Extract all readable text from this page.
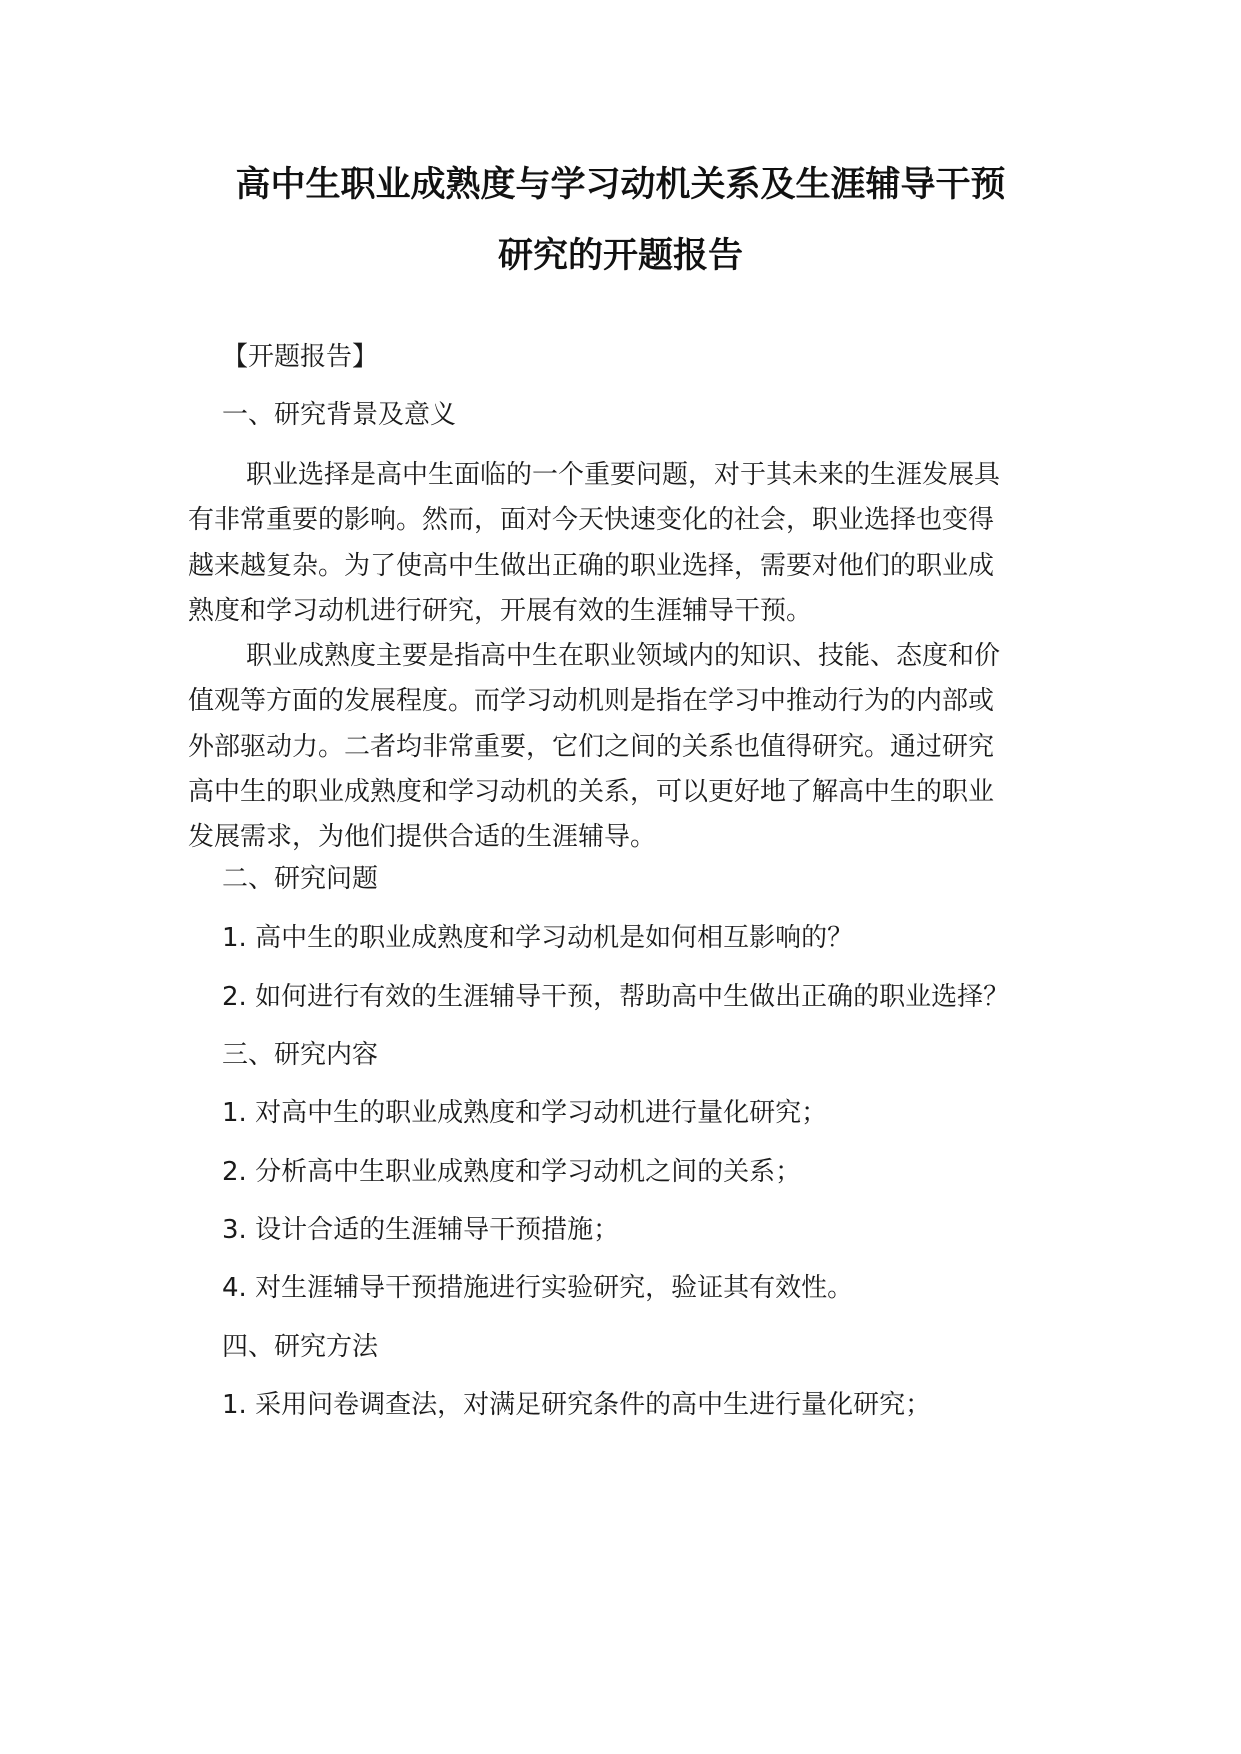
高中生职业成熟度与学习动机关系及生涯辅导干预
研究的开题报告
【开题报告】
一、研究背景及意义
职业选择是高中生面临的一个重要问题，对于其未来的生涯发展具
有非常重要的影响。然而，面对今天快速变化的社会，职业选择也变得
越来越复杂。为了使高中生做出正确的职业选择，需要对他们的职业成
熟度和学习动机进行研究，开展有效的生涯辅导干预。
职业成熟度主要是指高中生在职业领域内的知识、技能、态度和价
值观等方面的发展程度。而学习动机则是指在学习中推动行为的内部或
外部驱动力。二者均非常重要，它们之间的关系也值得研究。通过研究
高中生的职业成熟度和学习动机的关系，可以更好地了解高中生的职业
发展需求，为他们提供合适的生涯辅导。
二、研究问题
1. 高中生的职业成熟度和学习动机是如何相互影响的？
2. 如何进行有效的生涯辅导干预，帮助高中生做出正确的职业选择？
三、研究内容
1. 对高中生的职业成熟度和学习动机进行量化研究；
2. 分析高中生职业成熟度和学习动机之间的关系；
3. 设计合适的生涯辅导干预措施；
4. 对生涯辅导干预措施进行实验研究，验证其有效性。
四、研究方法
1. 采用问卷调查法，对满足研究条件的高中生进行量化研究；
